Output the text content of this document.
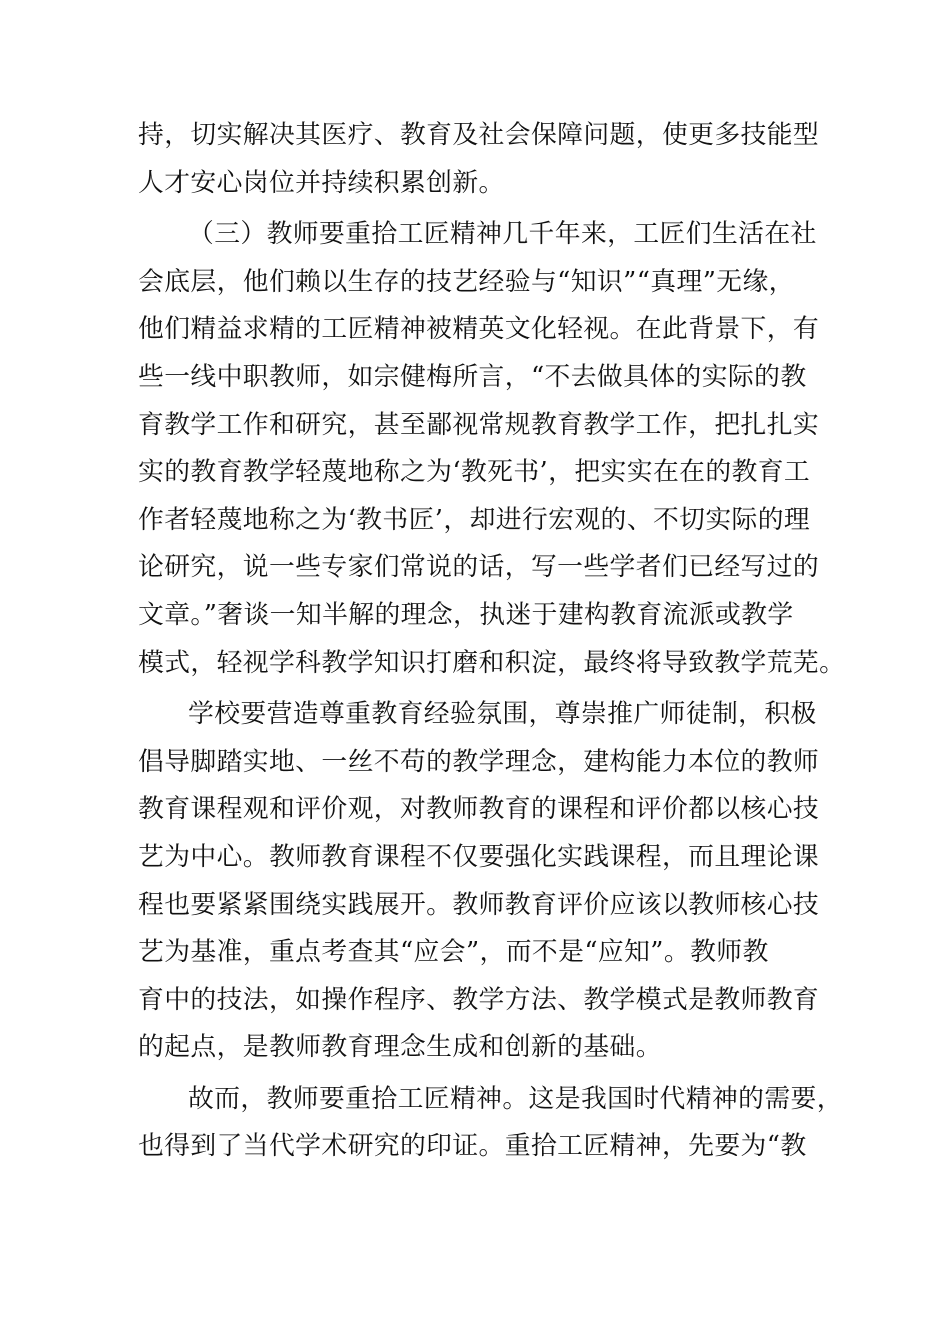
持，切实解决其医疗、教育及社会保障问题，使更多技能型
人才安心岗位并持续积累创新。
（三）教师要重拾工匠精神几千年来，工匠们生活在社
会底层，他们赖以生存的技艺经验与“知识”“真理”无缘，
他们精益求精的工匠精神被精英文化轻视。在此背景下，有
些一线中职教师，如宗健梅所言，“不去做具体的实际的教
育教学工作和研究，甚至鄙视常规教育教学工作，把扎扎实
实的教育教学轻蔑地称之为‘教死书’，把实实在在的教育工
作者轻蔑地称之为‘教书匠’，却进行宏观的、不切实际的理
论研究，说一些专家们常说的话，写一些学者们已经写过的
文章。”奢谈一知半解的理念，执迷于建构教育流派或教学
模式，轻视学科教学知识打磨和积淀，最终将导致教学荒芜。
学校要营造尊重教育经验氛围，尊崇推广师徒制，积极
倡导脚踏实地、一丝不苟的教学理念，建构能力本位的教师
教育课程观和评价观，对教师教育的课程和评价都以核心技
艺为中心。教师教育课程不仅要强化实践课程，而且理论课
程也要紧紧围绕实践展开。教师教育评价应该以教师核心技
艺为基准，重点考查其“应会”，而不是“应知”。教师教
育中的技法，如操作程序、教学方法、教学模式是教师教育
的起点，是教师教育理念生成和创新的基础。
故而，教师要重拾工匠精神。这是我国时代精神的需要，
也得到了当代学术研究的印证。重拾工匠精神，先要为“教
